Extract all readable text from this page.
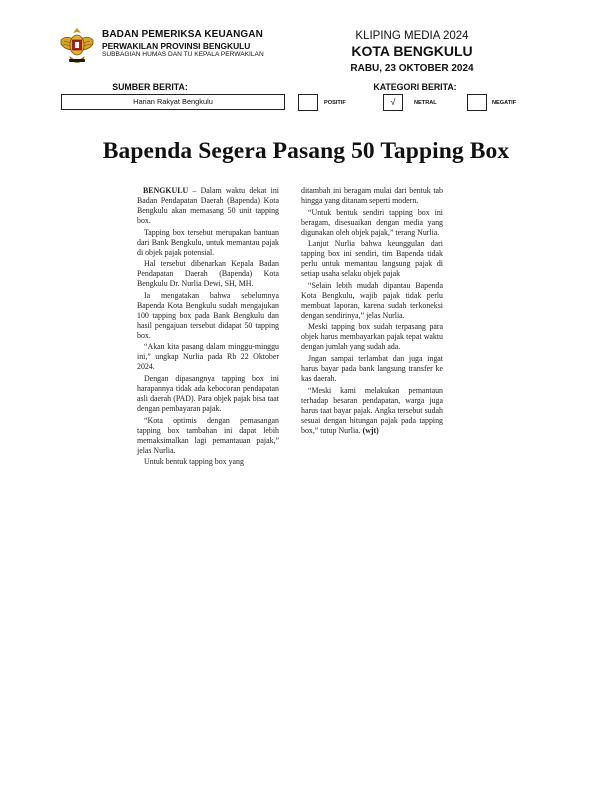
BADAN PEMERIKSA KEUANGAN
PERWAKILAN PROVINSI BENGKULU
SUBBAGIAN HUMAS DAN TU KEPALA PERWAKILAN
KLIPING MEDIA 2024
KOTA BENGKULU
RABU, 23 OKTOBER 2024
SUMBER BERITA:	KATEGORI BERITA:
Harian Rakyat Bengkulu	POSITIF	√	NETRAL	NEGATIF
Bapenda Segera Pasang 50 Tapping Box

BENGKULU – Dalam waktu dekat ini Badan Pendapatan Daerah (Bapenda) Kota Bengkulu akan memasang 50 unit tapping box.

Tapping box tersebut merupakan bantuan dari Bank Bengkulu, untuk memantau pajak di objek pajak potensial.

Hal tersebut dibenarkan Kepala Badan Pendapatan Daerah (Bapenda) Kota Bengkulu Dr. Nurlia Dewi, SH, MH.

Ia mengatakan bahwa sebelumnya Bapenda Kota Bengkulu sudah mengajukan 100 tapping box pada Bank Bengkulu dan hasil pengajuan tersebut didapat 50 tapping box.

“Akan kita pasang dalam minggu-minggu ini,” ungkap Nurlia pada Rb 22 Oktober 2024.

Dengan dipasangnya tapping box ini harapannya tidak ada kebocoran pendapatan asli daerah (PAD). Para objek pajak bisa taat dengan pembayaran pajak.

“Kota optimis dengan pemasangan tapping box tambahan ini dapat lebih memaksimalkan lagi pemantauan pajak,” jelas Nurlia.

Untuk bentuk tapping box yang

ditambah ini beragam mulai dari bentuk tab hingga yang ditanam seperti modern.

“Untuk bentuk sendiri tapping box ini beragam, disesuaikan dengan media yang digunakan oleh objek pajak,” terang Nurlia.

Lanjut Nurlia bahwa keunggulan dari tapping box ini sendiri, tim Bapenda tidak perlu untuk memantau langsung pajak di setiap usaha selaku objek pajak

“Selain lebih mudah dipantau Bapenda Kota Bengkulu, wajib pajak tidak perlu membuat laporan, karena sudah terkoneksi dengan sendirinya,” jelas Nurlia.

Meski tapping box sudah terpasang para objek harus membayarkan pajak tepat waktu dengan jumlah yang sudah ada.

Jngan sampai terlambat dan juga ingat harus bayar pada bank langsung transfer ke kas daerah.

“Meski kami melakukan pemantaun terhadap besaran pendapatan, warga juga harus taat bayar pajak. Angka tersebut sudah sesuai dengan hitungan pajak pada tapping box,” tutup Nurlia. (wjt)
